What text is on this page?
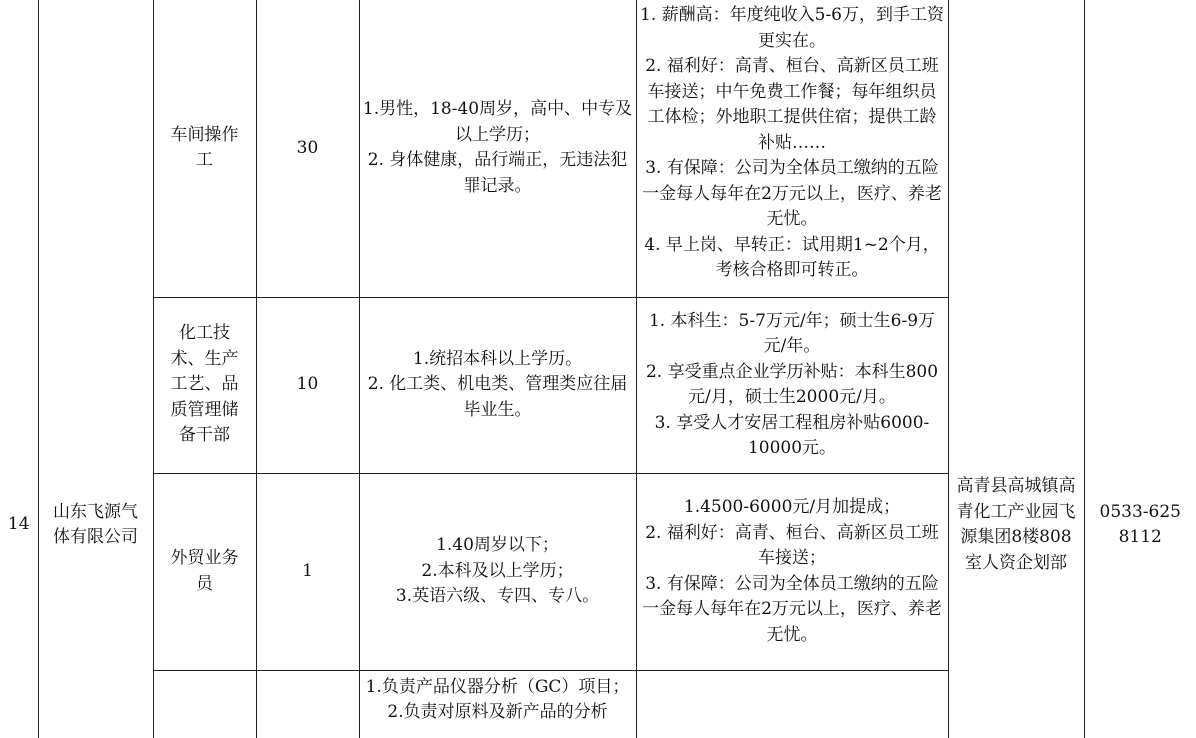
14	山东飞源气体有限公司	车间操作工	30	1.男性，18-40周岁，高中、中专及以上学历；
2. 身体健康，品行端正，无违法犯罪记录。	1. 薪酬高：年度纯收入5-6万，到手工资更实在。
2. 福利好：高青、桓台、高新区员工班车接送；中午免费工作餐；每年组织员工体检；外地职工提供住宿；提供工龄补贴……
3. 有保障：公司为全体员工缴纳的五险一金每人每年在2万元以上，医疗、养老无忧。
4. 早上岗、早转正：试用期1~2个月，考核合格即可转正。	高青县高城镇高青化工产业园飞源集团8楼808室人资企划部	0533-6258112

		化工技术、生产工艺、品质管理储备干部	10	1.统招本科以上学历。
2. 化工类、机电类、管理类应往届毕业生。	1. 本科生：5-7万元/年；硕士生6-9万元/年。
2. 享受重点企业学历补贴：本科生800元/月，硕士生2000元/月。
3. 享受人才安居工程租房补贴6000-10000元。		

		外贸业务员	1	1.40周岁以下；
2.本科及以上学历；
3.英语六级、专四、专八。	1.4500-6000元/月加提成；
2. 福利好：高青、桓台、高新区员工班车接送；
3. 有保障：公司为全体员工缴纳的五险一金每人每年在2万元以上，医疗、养老无忧。		

				1.负责产品仪器分析（GC）项目；
2.负责对原料及新产品的分析			
